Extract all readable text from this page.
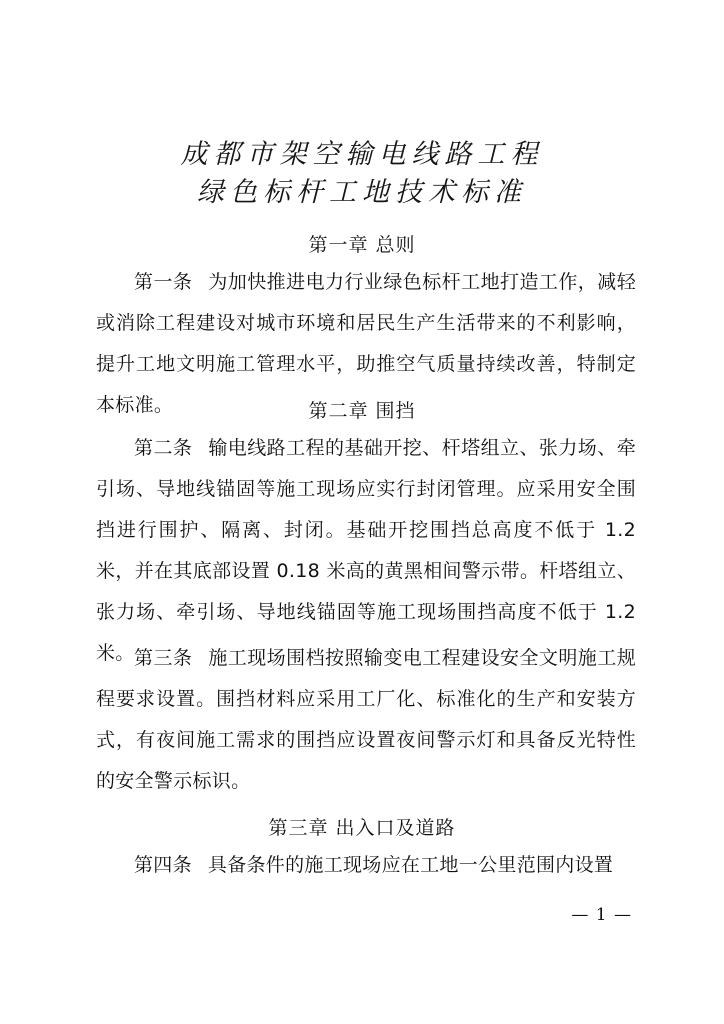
成都市架空输电线路工程
绿色标杆工地技术标准
第一章 总则
第一条 为加快推进电力行业绿色标杆工地打造工作，减轻或消除工程建设对城市环境和居民生产生活带来的不利影响，提升工地文明施工管理水平，助推空气质量持续改善，特制定本标准。	第二章 围挡
第二条 输电线路工程的基础开挖、杆塔组立、张力场、牵引场、导地线锚固等施工现场应实行封闭管理。应采用安全围挡进行围护、隔离、封闭。基础开挖围挡总高度不低于 1.2 米，并在其底部设置 0.18 米高的黄黑相间警示带。杆塔组立、张力场、牵引场、导地线锚固等施工现场围挡高度不低于 1.2 米。 第三条 施工现场围档按照输变电工程建设安全文明施工规程要求设置。围挡材料应采用工厂化、标准化的生产和安装方式，有夜间施工需求的围挡应设置夜间警示灯和具备反光特性的安全警示标识。
第三章 出入口及道路
第四条 具备条件的施工现场应在工地一公里范围内设置
— 1 —
